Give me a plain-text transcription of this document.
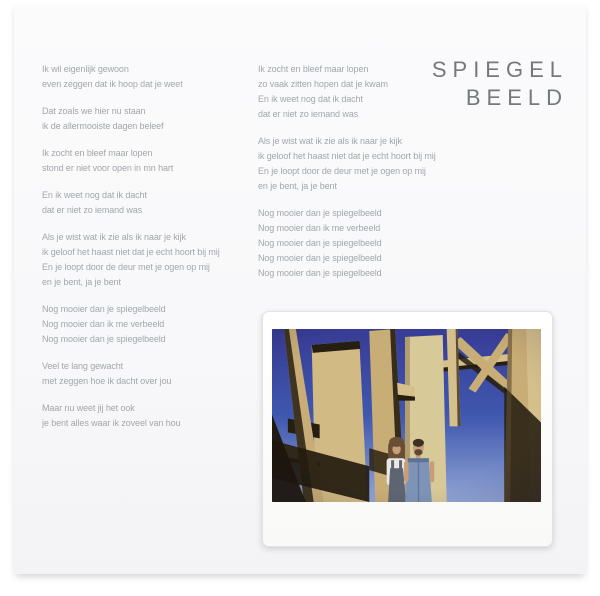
Ik wil eigenlijk gewoon

even zeggen dat ik hoop dat je weet

Dat zoals we hier nu staan

ik de allermooiste dagen beleef

Ik zocht en bleef maar lopen

stond er niet voor open in mn hart

En ik weet nog dat ik dacht

dat er niet zo iemand was

Als je wist wat ik zie als ik naar je kijk

ik geloof het haast niet dat je echt hoort bij mij

En je loopt door de deur met je ogen op mij

en je bent, ja je bent

Nog mooier dan je spiegelbeeld

Nog mooier dan ik me verbeeld

Nog mooier dan je spiegelbeeld

Veel te lang gewacht

met zeggen hoe ik dacht over jou

Maar nu weet jij het ook

je bent alles waar ik zoveel van hou

Ik zocht en bleef maar lopen

zo vaak zitten hopen dat je kwam

En ik weet nog dat ik dacht

dat er niet zo iemand was

Als je wist wat ik zie als ik naar je kijk

ik geloof het haast niet dat je echt hoort bij mij

En je loopt door de deur met je ogen op mij

en je bent, ja je bent

Nog mooier dan je spiegelbeeld

Nog mooier dan ik me verbeeld

Nog mooier dan je spiegelbeeld

Nog mooier dan je spiegelbeeld

Nog mooier dan je spiegelbeeld

SPIEGEL
BEELD
